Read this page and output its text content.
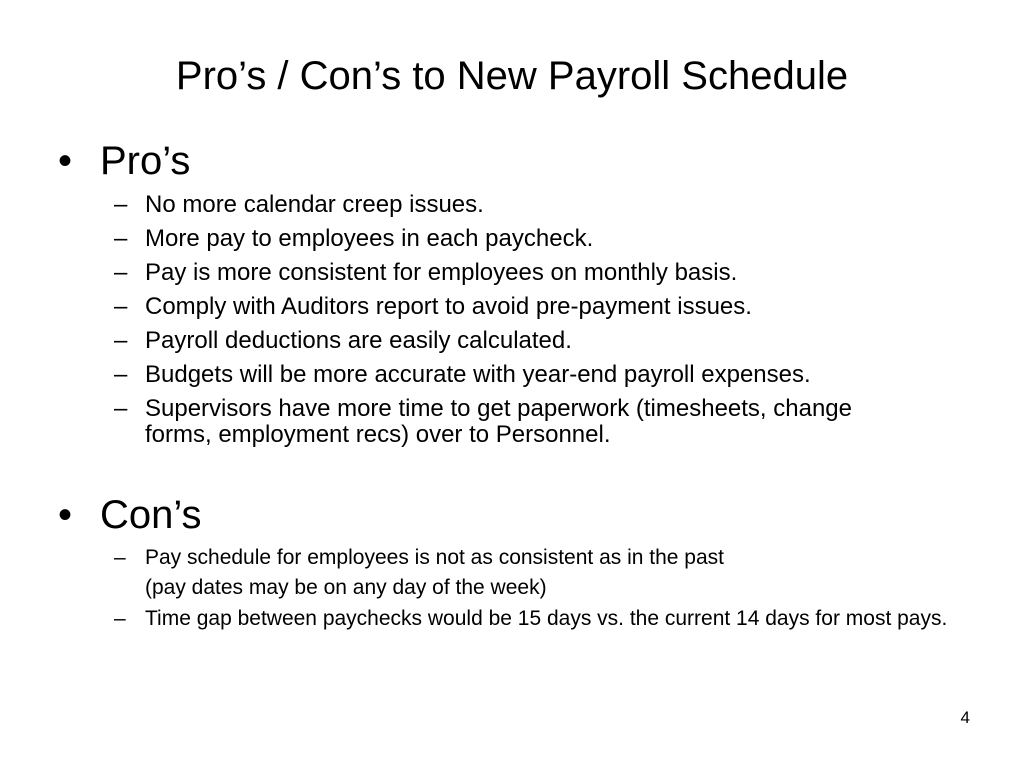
Pro’s / Con’s to New Payroll Schedule
• Pro’s
– No more calendar creep issues.
– More pay to employees in each paycheck.
– Pay is more consistent for employees on monthly basis.
– Comply with Auditors report to avoid pre-payment issues.
– Payroll deductions are easily calculated.
– Budgets will be more accurate with year-end payroll expenses.
– Supervisors have more time to get paperwork (timesheets, change forms, employment recs) over to Personnel.
• Con’s
– Pay schedule for employees is not as consistent as in the past
(pay dates may be on any day of the week)
– Time gap between paychecks would be 15 days vs. the current 14 days for most pays.
4
